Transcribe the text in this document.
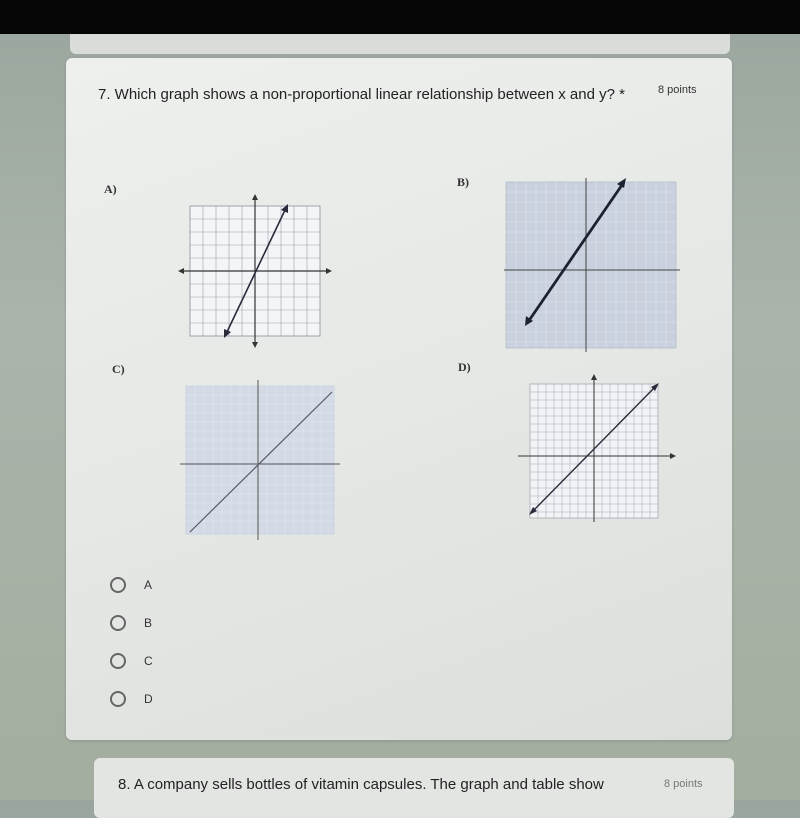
7. Which graph shows a non-proportional linear relationship between x and y? *	8 points
A)	B)
C)	D)
A
B
C
D
8. A company sells bottles of vitamin capsules. The graph and table show	8 points
